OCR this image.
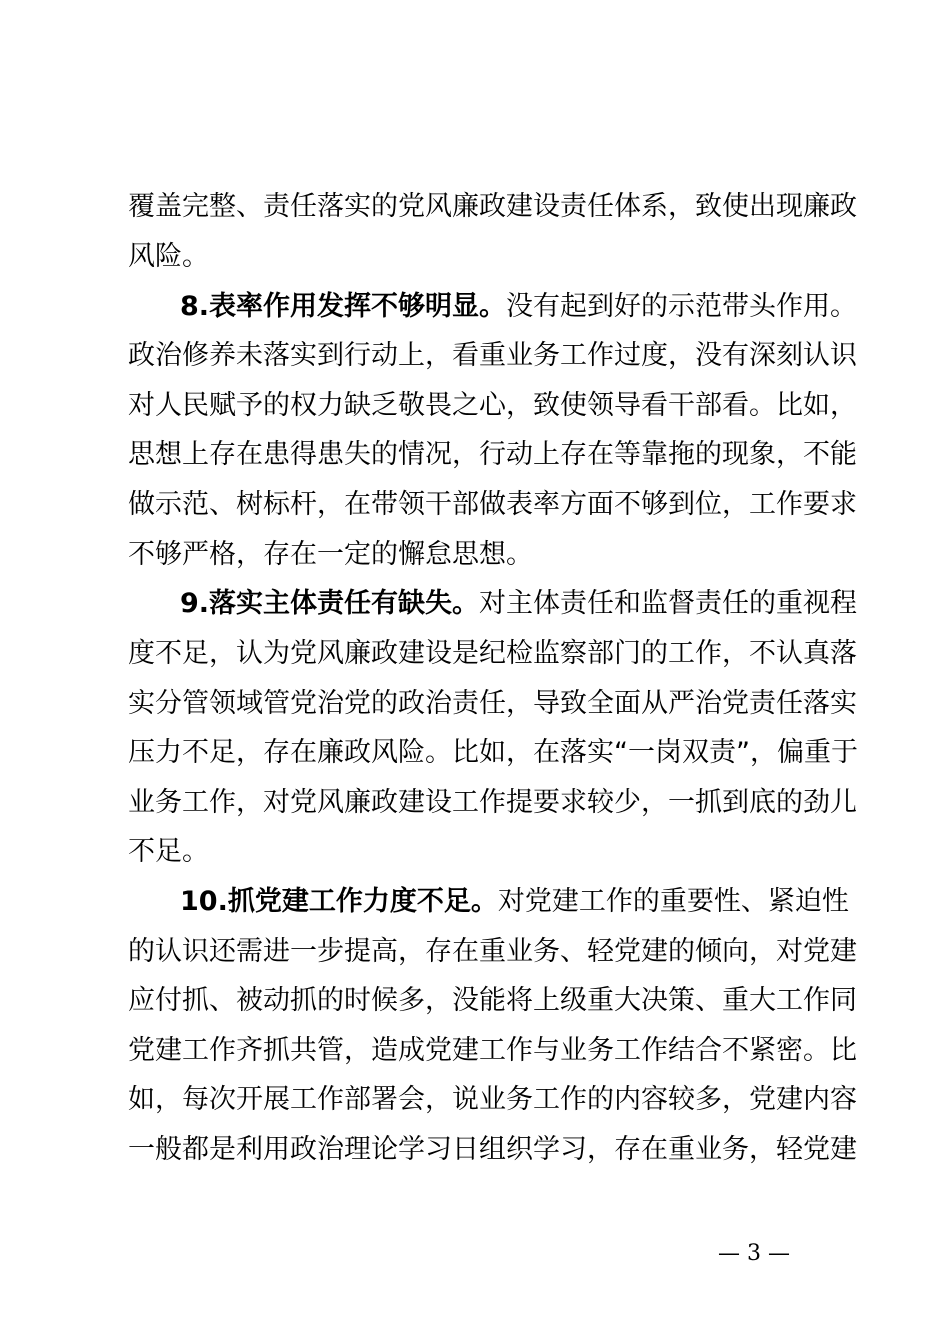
覆盖完整、责任落实的党风廉政建设责任体系，致使出现廉政
风险。
8.表率作用发挥不够明显。没有起到好的示范带头作用。
政治修养未落实到行动上，看重业务工作过度，没有深刻认识
对人民赋予的权力缺乏敬畏之心，致使领导看干部看。比如，
思想上存在患得患失的情况，行动上存在等靠拖的现象，不能
做示范、树标杆，在带领干部做表率方面不够到位，工作要求
不够严格，存在一定的懈怠思想。
9.落实主体责任有缺失。对主体责任和监督责任的重视程
度不足，认为党风廉政建设是纪检监察部门的工作，不认真落
实分管领域管党治党的政治责任，导致全面从严治党责任落实
压力不足，存在廉政风险。比如，在落实“一岗双责”，偏重于
业务工作，对党风廉政建设工作提要求较少，一抓到底的劲儿
不足。
10.抓党建工作力度不足。对党建工作的重要性、紧迫性
的认识还需进一步提高，存在重业务、轻党建的倾向，对党建
应付抓、被动抓的时候多，没能将上级重大决策、重大工作同
党建工作齐抓共管，造成党建工作与业务工作结合不紧密。比
如，每次开展工作部署会，说业务工作的内容较多，党建内容
一般都是利用政治理论学习日组织学习，存在重业务，轻党建
— 3 —
